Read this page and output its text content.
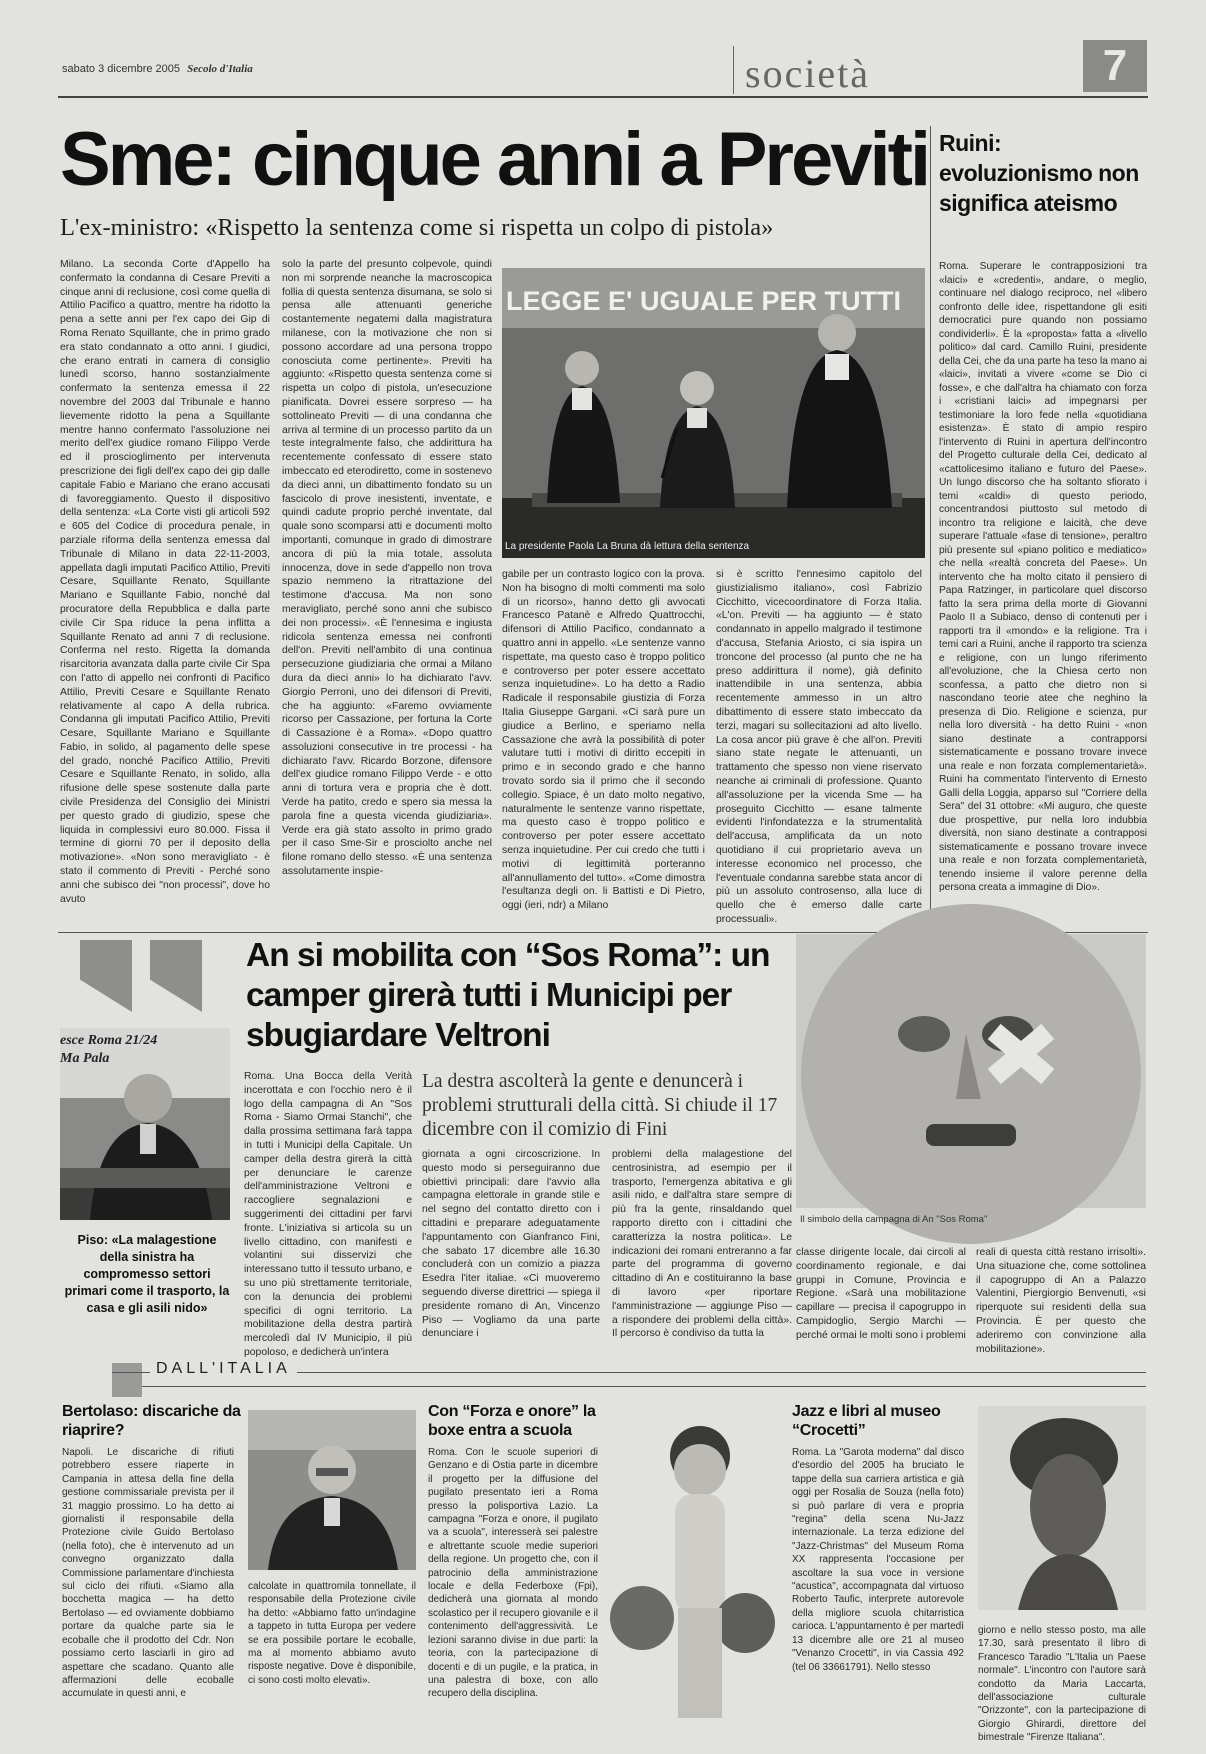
sabato 3 dicembre 2005 Secolo d'Italia	società	7
Sme: cinque anni a Previti
L'ex-ministro: «Rispetto la sentenza come si rispetta un colpo di pistola»
Milano. La seconda Corte d'Appello ha confermato la condanna di Cesare Previti a cinque anni di reclusione, così come quella di Attilio Pacifico a quattro, mentre ha ridotto la pena a sette anni per l'ex capo dei Gip di Roma Renato Squillante, che in primo grado era stato condannato a otto anni. I giudici, che erano entrati in camera di consiglio lunedì scorso, hanno sostanzialmente confermato la sentenza emessa il 22 novembre del 2003 dal Tribunale e hanno lievemente ridotto la pena a Squillante mentre hanno confermato l'assoluzione nei merito dell'ex giudice romano Filippo Verde ed il proscioglimento per intervenuta prescrizione dei figli dell'ex capo dei gip dalle capitale Fabio e Mariano che erano accusati di favoreggiamento. Questo il dispositivo della sentenza: «La Corte visti gli articoli 592 e 605 del Codice di procedura penale, in parziale riforma della sentenza emessa dal Tribunale di Milano in data 22-11-2003, appellata dagli imputati Pacifico Attilio, Previti Cesare, Squillante Renato, Squillante Mariano e Squillante Fabio, nonché dal procuratore della Repubblica e dalla parte civile Cir Spa riduce la pena inflitta a Squillante Renato ad anni 7 di reclusione. Conferma nel resto. Rigetta la domanda risarcitoria avanzata dalla parte civile Cir Spa con l'atto di appello nei confronti di Pacifico Attilio, Previti Cesare e Squillante Renato relativamente al capo A della rubrica. Condanna gli imputati Pacifico Attilio, Previti Cesare, Squillante Mariano e Squillante Fabio, in solido, al pagamento delle spese del grado, nonché Pacifico Attilio, Previti Cesare e Squillante Renato, in solido, alla rifusione delle spese sostenute dalla parte civile Presidenza del Consiglio dei Ministri per questo grado di giudizio, spese che liquida in complessivi euro 80.000. Fissa il termine di giorni 70 per il deposito della motivazione». «Non sono meravigliato - è stato il commento di Previti - Perché sono anni che subisco dei "non processi", dove ho avuto
solo la parte del presunto colpevole, quindi non mi sorprende neanche la macroscopica follia di questa sentenza disumana, se solo si pensa alle attenuanti generiche costantemente negatemi dalla magistratura milanese, con la motivazione che non si possono accordare ad una persona troppo conosciuta come pertinente». Previti ha aggiunto: «Rispetto questa sentenza come si rispetta un colpo di pistola, un'esecuzione pianificata. Dovrei essere sorpreso — ha sottolineato Previti — di una condanna che arriva al termine di un processo partito da un teste integralmente falso, che addirittura ha recentemente confessato di essere stato imbeccato ed eterodiretto, come in sostenevo da dieci anni, un dibattimento fondato su un fascicolo di prove inesistenti, inventate, e quindi cadute proprio perché inventate, dal quale sono scomparsi atti e documenti molto importanti, comunque in grado di dimostrare ancora di più la mia totale, assoluta innocenza, dove in sede d'appello non trova spazio nemmeno la ritrattazione del testimone d'accusa. Ma non sono meravigliato, perché sono anni che subisco dei non processi». «È l'ennesima e ingiusta ridicola sentenza emessa nei confronti dell'on. Previti nell'ambito di una continua persecuzione giudiziaria che ormai a Milano dura da dieci anni» lo ha dichiarato l'avv. Giorgio Perroni, uno dei difensori di Previti, che ha aggiunto: «Faremo ovviamente ricorso per Cassazione, per fortuna la Corte di Cassazione è a Roma». «Dopo quattro assoluzioni consecutive in tre processi - ha dichiarato l'avv. Ricardo Borzone, difensore dell'ex giudice romano Filippo Verde - e otto anni di tortura vera e propria che è dott. Verde ha patito, credo e spero sia messa la parola fine a questa vicenda giudiziaria». Verde era già stato assolto in primo grado per il caso Sme-Sir e prosciolto anche nel filone romano dello stesso. «È una sentenza assolutamente inspie-
LEGGE E' UGUALE PER TUTTI
La presidente Paola La Bruna dà lettura della sentenza
gabile per un contrasto logico con la prova. Non ha bisogno di molti commenti ma solo di un ricorso», hanno detto gli avvocati Francesco Patanè e Alfredo Quattrocchi, difensori di Attilio Pacifico, condannato a quattro anni in appello. «Le sentenze vanno rispettate, ma questo caso è troppo politico e controverso per poter essere accettato senza inquietudine». Lo ha detto a Radio Radicale il responsabile giustizia di Forza Italia Giuseppe Gargani. «Ci sarà pure un giudice a Berlino, e speriamo nella Cassazione che avrà la possibilità di poter valutare tutti i motivi di diritto eccepiti in primo e in secondo grado e che hanno trovato sordo sia il primo che il secondo collegio. Spiace, è un dato molto negativo, naturalmente le sentenze vanno rispettate, ma questo caso è troppo politico e controverso per poter essere accettato senza inquietudine. Per cui credo che tutti i motivi di legittimità porteranno all'annullamento del tutto». «Come dimostra l'esultanza degli on. li Battisti e Di Pietro, oggi (ieri, ndr) a Milano
si è scritto l'ennesimo capitolo del giustizialismo italiano», così Fabrizio Cicchitto, vicecoordinatore di Forza Italia. «L'on. Previti — ha aggiunto — è stato condannato in appello malgrado il testimone d'accusa, Stefania Ariosto, ci sia ispira un troncone del processo (al punto che ne ha preso addirittura il nome), già definito inattendibile in una sentenza, abbia recentemente ammesso in un altro dibattimento di essere stato imbeccato da terzi, magari su sollecitazioni ad alto livello. La cosa ancor più grave è che all'on. Previti siano state negate le attenuanti, un trattamento che spesso non viene riservato neanche ai criminali di professione. Quanto all'assoluzione per la vicenda Sme — ha proseguito Cicchitto — esane talmente evidenti l'infondatezza e la strumentalità dell'accusa, amplificata da un noto quotidiano il cui proprietario aveva un interesse economico nel processo, che l'eventuale condanna sarebbe stata ancor di più un assoluto controsenso, alla luce di quello che è emerso dalle carte processuali».
Ruini: evoluzionismo non significa ateismo
Roma. Superare le contrapposizioni tra «laici» e «credenti», andare, o meglio, continuare nel dialogo reciproco, nel «libero confronto delle idee, rispettandone gli esiti democratici pure quando non possiamo condividerli». È la «proposta» fatta a «livello politico» dal card. Camillo Ruini, presidente della Cei, che da una parte ha teso la mano ai «laici», invitati a vivere «come se Dio ci fosse», e che dall'altra ha chiamato con forza i «cristiani laici» ad impegnarsi per testimoniare la loro fede nella «quotidiana esistenza». È stato di ampio respiro l'intervento di Ruini in apertura dell'incontro del Progetto culturale della Cei, dedicato al «cattolicesimo italiano e futuro del Paese». Un lungo discorso che ha soltanto sfiorato i temi «caldi» di questo periodo, concentrandosi piuttosto sul metodo di incontro tra religione e laicità, che deve superare l'attuale «fase di tensione», peraltro più presente sul «piano politico e mediatico» che nella «realtà concreta del Paese». Un intervento che ha molto citato il pensiero di Papa Ratzinger, in particolare quel discorso fatto la sera prima della morte di Giovanni Paolo II a Subiaco, denso di contenuti per i rapporti tra il «mondo» e la religione. Tra i temi cari a Ruini, anche il rapporto tra scienza e religione, con un lungo riferimento all'evoluzione, che la Chiesa certo non sconfessa, a patto che dietro non si nascondano teorie atee che neghino la presenza di Dio. Religione e scienza, pur nella loro diversità - ha detto Ruini - «non siano destinate a contrapporsi sistematicamente e possano trovare invece una reale e non forzata complementarietà». Ruini ha commentato l'intervento di Ernesto Galli della Loggia, apparso sul "Corriere della Sera" del 31 ottobre: «Mi auguro, che queste due prospettive, pur nella loro indubbia diversità, non siano destinate a contrapposi sistematicamente e possano trovare invece una reale e non forzata complementarietà, tenendo insieme il valore perenne della persona creata a immagine di Dio».
An si mobilita con “Sos Roma”: un camper girerà tutti i Municipi per sbugiardare Veltroni
esce Roma 21/24 Ma Pala
Piso: «La malagestione della sinistra ha compromesso settori primari come il trasporto, la casa e gli asili nido»
Il simbolo della campagna di An "Sos Roma"
La destra ascolterà la gente e denuncerà i problemi strutturali della città. Si chiude il 17 dicembre con il comizio di Fini
Roma. Una Bocca della Verità incerottata e con l'occhio nero è il logo della campagna di An "Sos Roma - Siamo Ormai Stanchi", che dalla prossima settimana farà tappa in tutti i Municipi della Capitale. Un camper della destra girerà la città per denunciare le carenze dell'amministrazione Veltroni e raccogliere segnalazioni e suggerimenti dei cittadini per farvi fronte. L'iniziativa si articola su un livello cittadino, con manifesti e volantini sui disservizi che interessano tutto il tessuto urbano, e su uno più strettamente territoriale, con la denuncia dei problemi specifici di ogni territorio. La mobilitazione della destra partirà mercoledì dal IV Municipio, il più popoloso, e dedicherà un'intera
giornata a ogni circoscrizione. In questo modo si perseguiranno due obiettivi principali: dare l'avvio alla campagna elettorale in grande stile e nel segno del contatto diretto con i cittadini e preparare adeguatamente l'appuntamento con Gianfranco Fini, che sabato 17 dicembre alle 16.30 concluderà con un comizio a piazza Esedra l'iter italiae. «Ci muoveremo seguendo diverse direttrici — spiega il presidente romano di An, Vincenzo Piso — Vogliamo da una parte denunciare i
problemi della malagestione del centrosinistra, ad esempio per il trasporto, l'emergenza abitativa e gli asili nido, e dall'altra stare sempre di più fra la gente, rinsaldando quel rapporto diretto con i cittadini che caratterizza la nostra politica». Le indicazioni dei romani entreranno a far parte del programma di governo cittadino di An e costituiranno la base di lavoro «per riportare l'amministrazione — aggiunge Piso — a rispondere dei problemi della città». Il percorso è condiviso da tutta la
classe dirigente locale, dai circoli al coordinamento regionale, e dai gruppi in Comune, Provincia e Regione. «Sarà una mobilitazione capillare — precisa il capogruppo in Campidoglio, Sergio Marchi — perché ormai le molti sono i problemi
reali di questa città restano irrisolti». Una situazione che, come sottolinea il capogruppo di An a Palazzo Valentini, Piergiorgio Benvenuti, «si riperquote sui residenti della sua Provincia. È per questo che aderiremo con convinzione alla mobilitazione».
DALL'ITALIA
Bertolaso: discariche da riaprire?
Napoli. Le discariche di rifiuti potrebbero essere riaperte in Campania in attesa della fine della gestione commissariale prevista per il 31 maggio prossimo. Lo ha detto ai giornalisti il responsabile della Protezione civile Guido Bertolaso (nella foto), che è intervenuto ad un convegno organizzato dalla Commissione parlamentare d'inchiesta sul ciclo dei rifiuti. «Siamo alla bocchetta magica — ha detto Bertolaso — ed ovviamente dobbiamo portare da qualche parte sia le ecoballe che il prodotto del Cdr. Non possiamo certo lasciarli in giro ad aspettare che scadano. Quanto alle affermazioni delle ecoballe accumulate in questi anni, e
calcolate in quattromila tonnellate, il responsabile della Protezione civile ha detto: «Abbiamo fatto un'indagine a tappeto in tutta Europa per vedere se era possibile portare le ecoballe, ma al momento abbiamo avuto risposte negative. Dove è disponibile, ci sono costi molto elevati».
Con “Forza e onore” la boxe entra a scuola
Roma. Con le scuole superiori di Genzano e di Ostia parte in dicembre il progetto per la diffusione del pugilato presentato ieri a Roma presso la polisportiva Lazio. La campagna "Forza e onore, il pugilato va a scuola", interesserà sei palestre e altrettante scuole medie superiori della regione. Un progetto che, con il patrocinio della amministrazione locale e della Federboxe (Fpi), dedicherà una giornata al mondo scolastico per il recupero giovanile e il contenimento dell'aggressività. Le lezioni saranno divise in due parti: la teoria, con la partecipazione di docenti e di un pugile, e la pratica, in una palestra di boxe, con allo recupero della disciplina.
Jazz e libri al museo “Crocetti”
Roma. La "Garota moderna" dal disco d'esordio del 2005 ha bruciato le tappe della sua carriera artistica e già oggi per Rosalia de Souza (nella foto) si può parlare di vera e propria "regina" della scena Nu-Jazz internazionale. La terza edizione del "Jazz-Christmas" del Museum Roma XX rappresenta l'occasione per ascoltare la sua voce in versione "acustica", accompagnata dal virtuoso Roberto Taufic, interprete autorevole della migliore scuola chitarristica carioca. L'appuntamento è per martedì 13 dicembre alle ore 21 al museo "Venanzo Crocetti", in via Cassia 492 (tel 06 33661791). Nello stesso
giorno e nello stesso posto, ma alle 17.30, sarà presentato il libro di Francesco Taradio "L'Italia un Paese normale". L'incontro con l'autore sarà condotto da Maria Laccarta, dell'associazione culturale "Orizzonte", con la partecipazione di Giorgio Ghirardi, direttore del bimestrale "Firenze Italiana".
